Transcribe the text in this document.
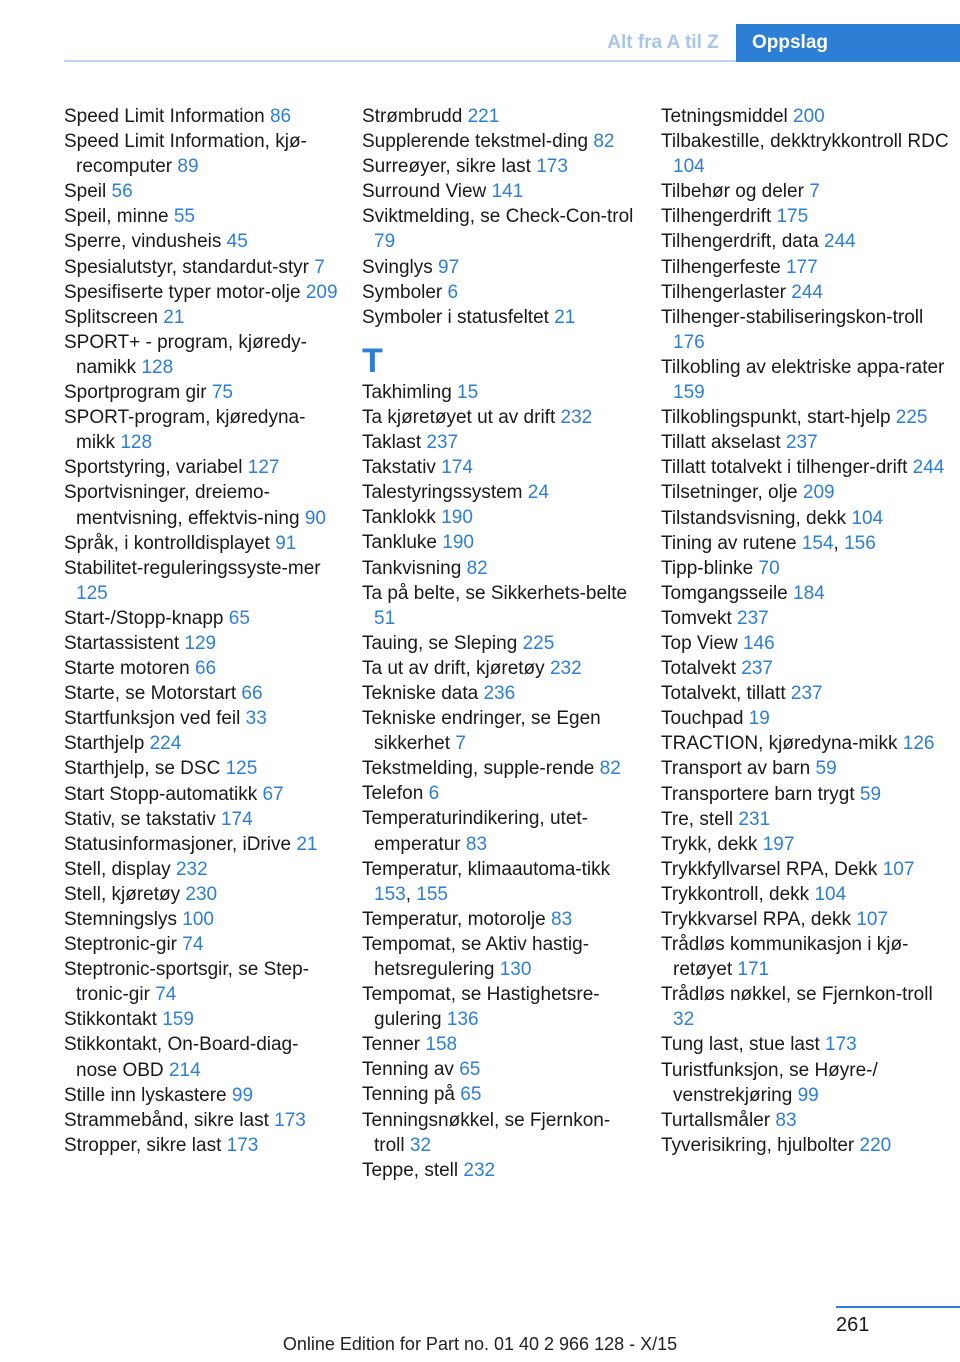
Alt fra A til Z	Oppslag
Speed Limit Information 86
Speed Limit Information, kjø-recomputer 89
Speil 56
Speil, minne 55
Sperre, vindusheis 45
Spesialutstyr, standardut-styr 7
Spesifiserte typer motor-olje 209
Splitscreen 21
SPORT+ - program, kjøredy-namikk 128
Sportprogram gir 75
SPORT-program, kjøredyna-mikk 128
Sportstyring, variabel 127
Sportvisninger, dreiemo-mentvisning, effektvis-ning 90
Språk, i kontrolldisplayet 91
Stabilitet-reguleringssyste-mer 125
Start-/Stopp-knapp 65
Startassistent 129
Starte motoren 66
Starte, se Motorstart 66
Startfunksjon ved feil 33
Starthjelp 224
Starthjelp, se DSC 125
Start Stopp-automatikk 67
Stativ, se takstativ 174
Statusinformasjoner, iDrive 21
Stell, display 232
Stell, kjøretøy 230
Stemningslys 100
Steptronic-gir 74
Steptronic-sportsgir, se Step-tronic-gir 74
Stikkontakt 159
Stikkontakt, On-Board-diag-nose OBD 214
Stille inn lyskastere 99
Strammebånd, sikre last 173
Stropper, sikre last 173
Strømbrudd 221
Supplerende tekstmel-ding 82
Surreøyer, sikre last 173
Surround View 141
Sviktmelding, se Check-Con-trol 79
Svinglys 97
Symboler 6
Symboler i statusfeltet 21
T
Takhimling 15
Ta kjøretøyet ut av drift 232
Taklast 237
Takstativ 174
Talestyringssystem 24
Tanklokk 190
Tankluke 190
Tankvisning 82
Ta på belte, se Sikkerhets-belte 51
Tauing, se Sleping 225
Ta ut av drift, kjøretøy 232
Tekniske data 236
Tekniske endringer, se Egen sikkerhet 7
Tekstmelding, supple-rende 82
Telefon 6
Temperaturindikering, utet-emperatur 83
Temperatur, klimaautoma-tikk 153, 155
Temperatur, motorolje 83
Tempomat, se Aktiv hastig-hetsregulering 130
Tempomat, se Hastighetsre-gulering 136
Tenner 158
Tenning av 65
Tenning på 65
Tenningsnøkkel, se Fjernkon-troll 32
Teppe, stell 232
Tetningsmiddel 200
Tilbakestille, dekktrykkontroll RDC 104
Tilbehør og deler 7
Tilhengerdrift 175
Tilhengerdrift, data 244
Tilhengerfeste 177
Tilhengerlaster 244
Tilhenger-stabiliseringskon-troll 176
Tilkobling av elektriske appa-rater 159
Tilkoblingspunkt, start-hjelp 225
Tillatt akselast 237
Tillatt totalvekt i tilhenger-drift 244
Tilsetninger, olje 209
Tilstandsvisning, dekk 104
Tining av rutene 154, 156
Tipp-blinke 70
Tomgangsseile 184
Tomvekt 237
Top View 146
Totalvekt 237
Totalvekt, tillatt 237
Touchpad 19
TRACTION, kjøredyna-mikk 126
Transport av barn 59
Transportere barn trygt 59
Tre, stell 231
Trykk, dekk 197
Trykkfyllvarsel RPA, Dekk 107
Trykkontroll, dekk 104
Trykkvarsel RPA, dekk 107
Trådløs kommunikasjon i kjø-retøyet 171
Trådløs nøkkel, se Fjernkon-troll 32
Tung last, stue last 173
Turistfunksjon, se Høyre-/ venstrekjøring 99
Turtallsmåler 83
Tyverisikring, hjulbolter 220
261
Online Edition for Part no. 01 40 2 966 128 - X/15
